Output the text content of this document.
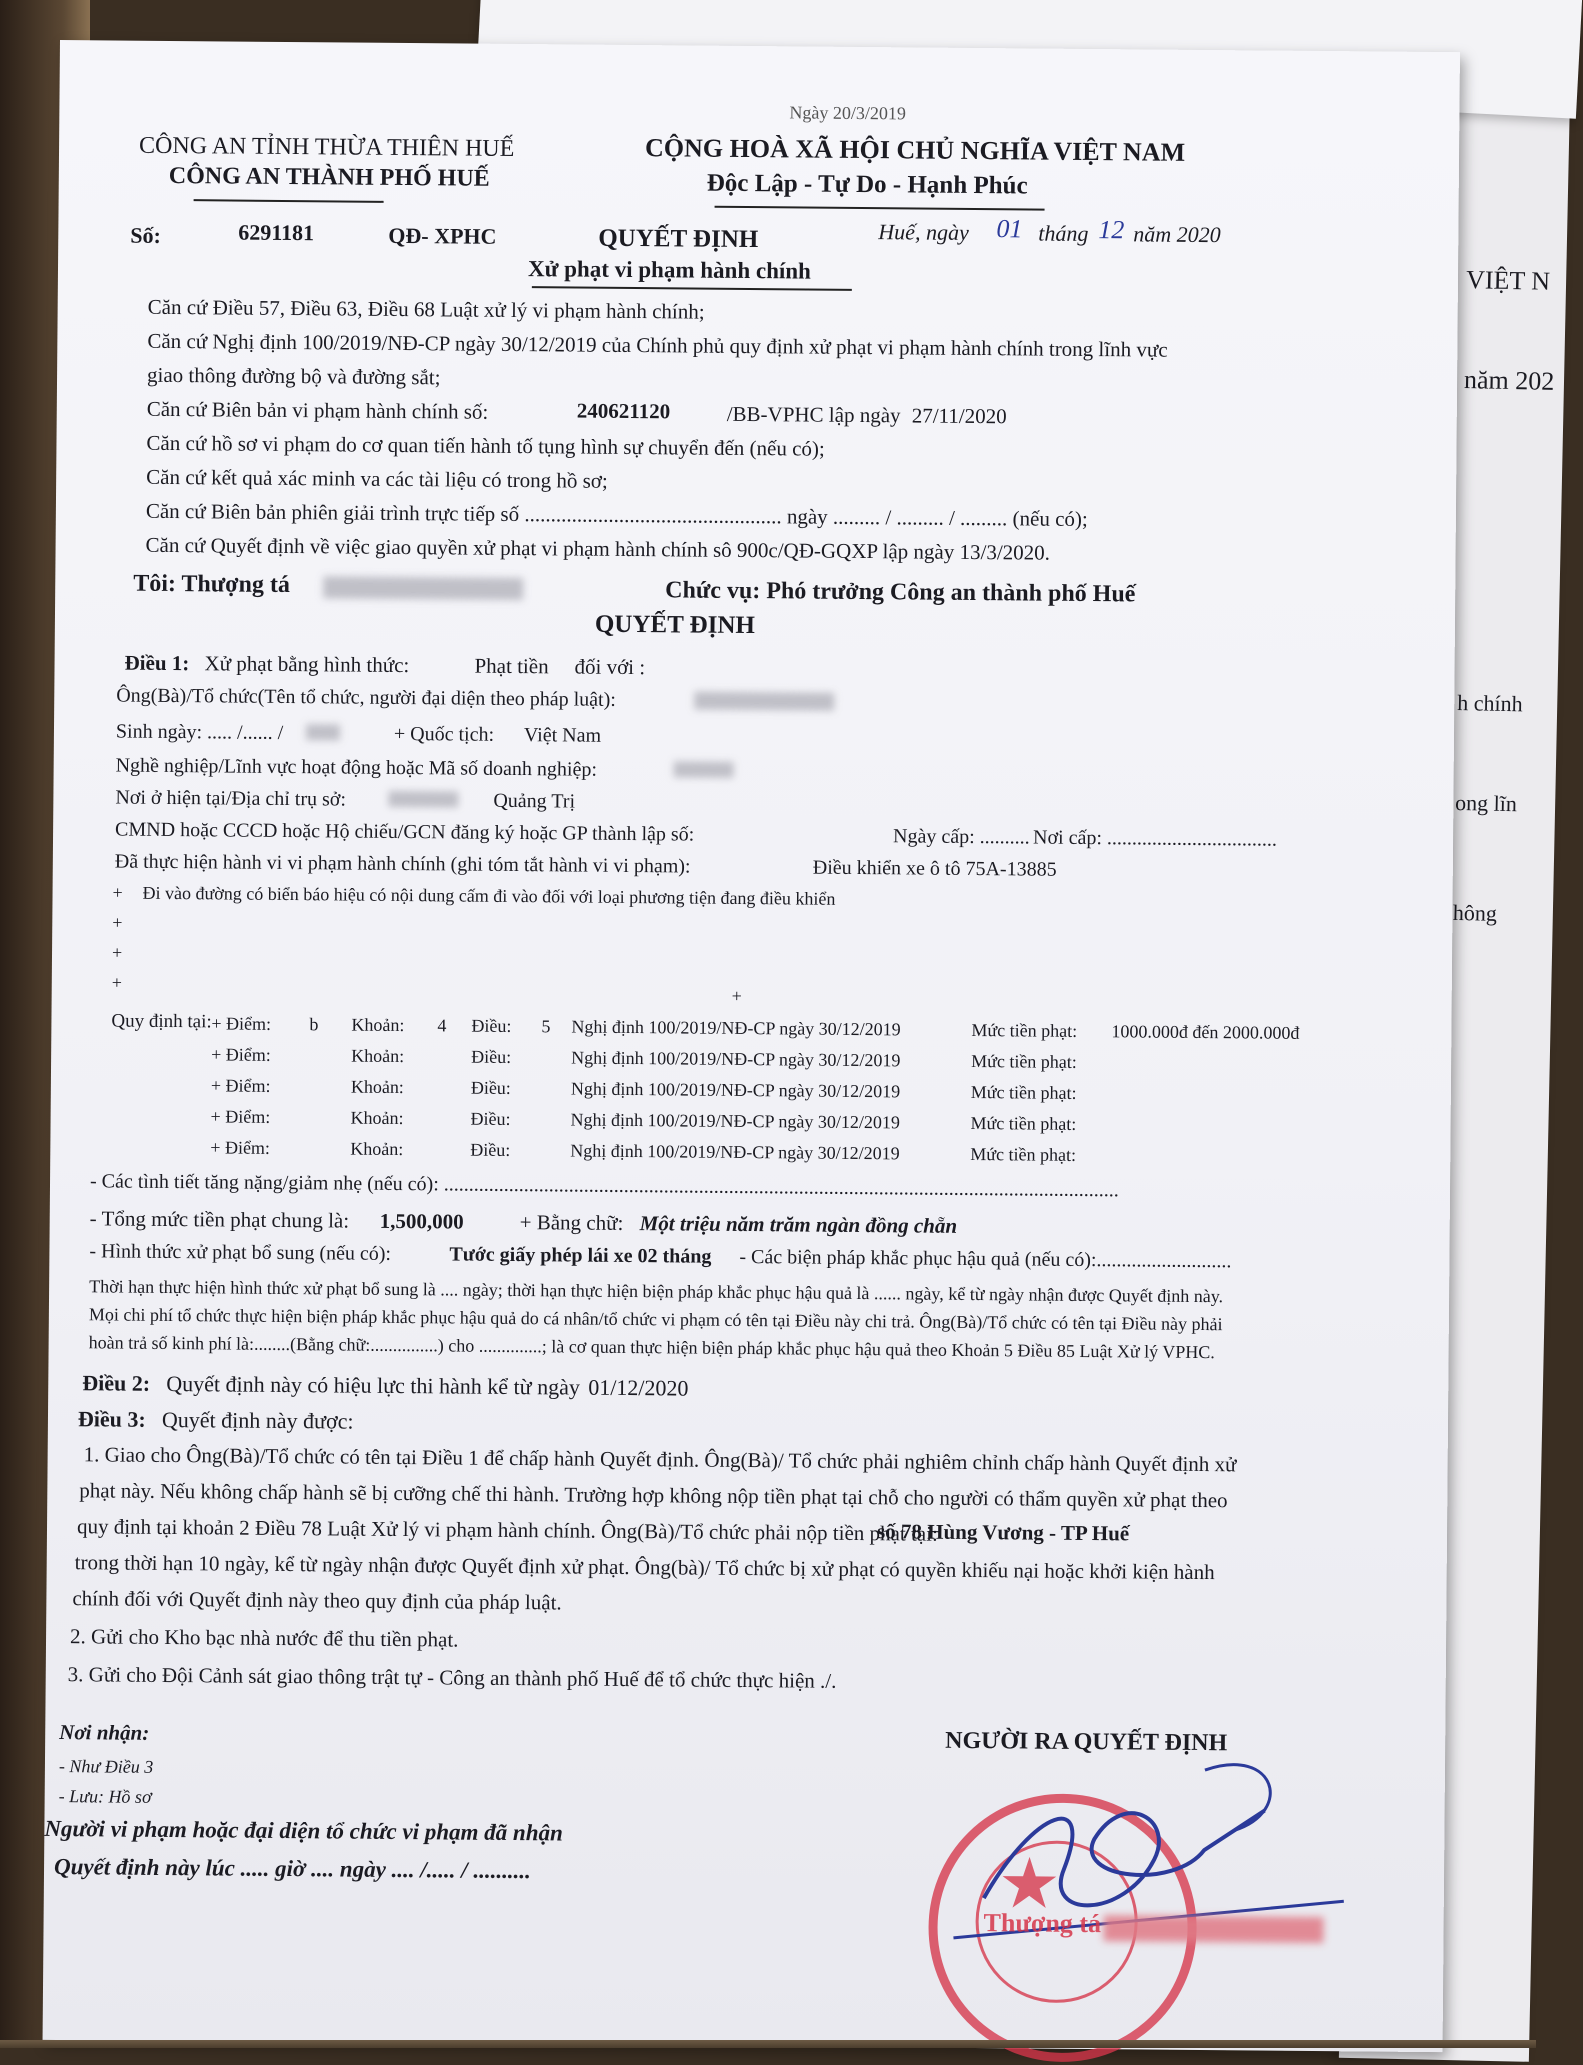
VIỆT N
năm 202
h chính
ong lĩn
hông
Ngày 20/3/2019
CÔNG AN TỈNH THỪA THIÊN HUẾ
CÔNG AN THÀNH PHỐ HUẾ
CỘNG HOÀ XÃ HỘI CHỦ NGHĨA VIỆT NAM
Độc Lập - Tự Do - Hạnh Phúc
Số:	6291181	QĐ- XPHC	QUYẾT ĐỊNH	Huế, ngày 01 tháng 12 năm 2020
Xử phạt vi phạm hành chính
Căn cứ Điều 57, Điều 63, Điều 68 Luật xử lý vi phạm hành chính;
Căn cứ Nghị định 100/2019/NĐ-CP ngày 30/12/2019 của Chính phủ quy định xử phạt vi phạm hành chính trong lĩnh vực
giao thông đường bộ và đường sắt;
Căn cứ Biên bản vi phạm hành chính số:	240621120	/BB-VPHC lập ngày 27/11/2020
Căn cứ hồ sơ vi phạm do cơ quan tiến hành tố tụng hình sự chuyển đến (nếu có);
Căn cứ kết quả xác minh va các tài liệu có trong hồ sơ;
Căn cứ Biên bản phiên giải trình trực tiếp số ................................................. ngày ......... / ......... / ......... (nếu có);
Căn cứ Quyết định về việc giao quyền xử phạt vi phạm hành chính sô 900c/QĐ-GQXP lập ngày 13/3/2020.
Tôi: Thượng tá	Chức vụ: Phó trưởng Công an thành phố Huế
QUYẾT ĐỊNH
Điều 1: Xử phạt bằng hình thức:	Phạt tiền đối với :
Ông(Bà)/Tổ chức(Tên tổ chức, người đại diện theo pháp luật):
Sinh ngày: ..... /...... /	+ Quốc tịch: Việt Nam
Nghề nghiệp/Lĩnh vực hoạt động hoặc Mã số doanh nghiệp:
Nơi ở hiện tại/Địa chỉ trụ sở:	Quảng Trị
CMND hoặc CCCD hoặc Hộ chiếu/GCN đăng ký hoặc GP thành lập số:	Ngày cấp: .......... Nơi cấp: ..................................
Đã thực hiện hành vi vi phạm hành chính (ghi tóm tắt hành vi vi phạm):	Điều khiển xe ô tô 75A-13885
+ Đi vào đường có biển báo hiệu có nội dung cấm đi vào đối với loại phương tiện đang điều khiển
+
+
+
+
Quy định tại: + Điểm: b Khoản: 4 Điều: 5 Nghị định 100/2019/NĐ-CP ngày 30/12/2019	Mức tiền phạt: 1000.000đ đến 2000.000đ
+ Điểm:	Khoản:	Điều:	Nghị định 100/2019/NĐ-CP ngày 30/12/2019	Mức tiền phạt:
+ Điểm:	Khoản:	Điều:	Nghị định 100/2019/NĐ-CP ngày 30/12/2019	Mức tiền phạt:
+ Điểm:	Khoản:	Điều:	Nghị định 100/2019/NĐ-CP ngày 30/12/2019	Mức tiền phạt:
+ Điểm:	Khoản:	Điều:	Nghị định 100/2019/NĐ-CP ngày 30/12/2019	Mức tiền phạt:
- Các tình tiết tăng nặng/giảm nhẹ (nếu có): .......................................................................................................................................
- Tổng mức tiền phạt chung là: 1,500,000	+ Bằng chữ: Một triệu năm trăm ngàn đồng chẵn
- Hình thức xử phạt bổ sung (nếu có):	Tước giấy phép lái xe 02 tháng - Các biện pháp khắc phục hậu quả (nếu có):...........................
Thời hạn thực hiện hình thức xử phạt bổ sung là .... ngày; thời hạn thực hiện biện pháp khắc phục hậu quả là ...... ngày, kể từ ngày nhận được Quyết định này.
Mọi chi phí tổ chức thực hiện biện pháp khắc phục hậu quả do cá nhân/tổ chức vi phạm có tên tại Điều này chi trả. Ông(Bà)/Tổ chức có tên tại Điều này phải
hoàn trả số kinh phí là:........(Bằng chữ:...............) cho ..............; là cơ quan thực hiện biện pháp khắc phục hậu quả theo Khoản 5 Điều 85 Luật Xử lý VPHC.
Điều 2: Quyết định này có hiệu lực thi hành kể từ ngày 01/12/2020
Điều 3: Quyết định này được:
1. Giao cho Ông(Bà)/Tổ chức có tên tại Điều 1 để chấp hành Quyết định. Ông(Bà)/ Tổ chức phải nghiêm chỉnh chấp hành Quyết định xử
phạt này. Nếu không chấp hành sẽ bị cưỡng chế thi hành. Trường hợp không nộp tiền phạt tại chỗ cho người có thẩm quyền xử phạt theo
quy định tại khoản 2 Điều 78 Luật Xử lý vi phạm hành chính. Ông(Bà)/Tổ chức phải nộp tiền phạt tại:
số 78 Hùng Vương - TP Huế
trong thời hạn 10 ngày, kể từ ngày nhận được Quyết định xử phạt. Ông(bà)/ Tổ chức bị xử phạt có quyền khiếu nại hoặc khởi kiện hành
chính đối với Quyết định này theo quy định của pháp luật.
2. Gửi cho Kho bạc nhà nước để thu tiền phạt.
3. Gửi cho Đội Cảnh sát giao thông trật tự - Công an thành phố Huế để tổ chức thực hiện ./.
Nơi nhận:
- Như Điều 3
- Lưu: Hồ sơ
Người vi phạm hoặc đại diện tổ chức vi phạm đã nhận
Quyết định này lúc ..... giờ .... ngày .... /..... / ..........	★
NGƯỜI RA QUYẾT ĐỊNH
Thượng tá
